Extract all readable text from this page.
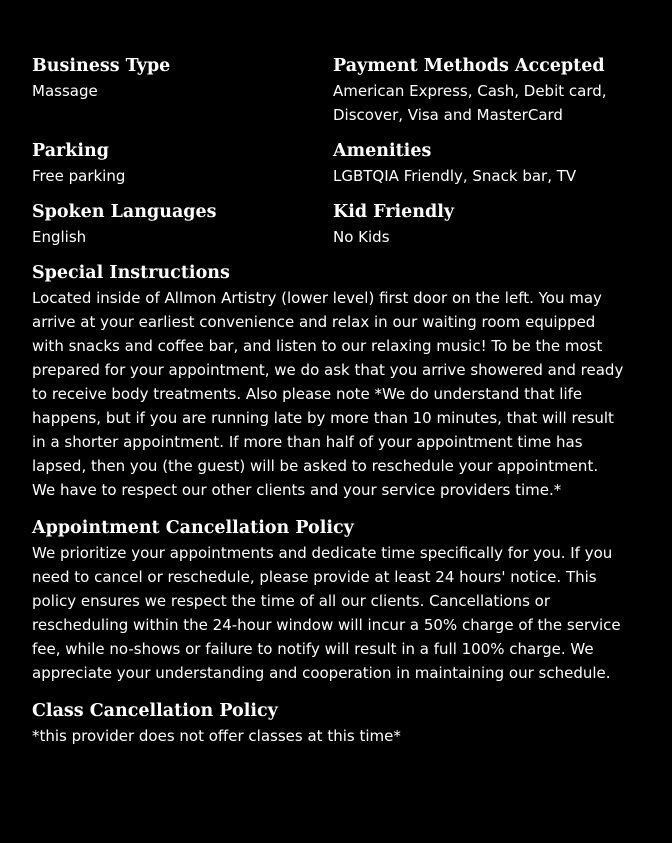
Business Type
Massage
Payment Methods Accepted
American Express, Cash, Debit card, Discover, Visa and MasterCard
Parking
Free parking
Amenities
LGBTQIA Friendly, Snack bar, TV
Spoken Languages
English
Kid Friendly
No Kids
Special Instructions
Located inside of Allmon Artistry (lower level) first door on the left. You may arrive at your earliest convenience and relax in our waiting room equipped with snacks and coffee bar, and listen to our relaxing music! To be the most prepared for your appointment, we do ask that you arrive showered and ready to receive body treatments. Also please note *We do understand that life happens, but if you are running late by more than 10 minutes, that will result in a shorter appointment. If more than half of your appointment time has lapsed, then you (the guest) will be asked to reschedule your appointment. We have to respect our other clients and your service providers time.*
Appointment Cancellation Policy
We prioritize your appointments and dedicate time specifically for you. If you need to cancel or reschedule, please provide at least 24 hours' notice. This policy ensures we respect the time of all our clients. Cancellations or rescheduling within the 24-hour window will incur a 50% charge of the service fee, while no-shows or failure to notify will result in a full 100% charge. We appreciate your understanding and cooperation in maintaining our schedule.
Class Cancellation Policy
*this provider does not offer classes at this time*
